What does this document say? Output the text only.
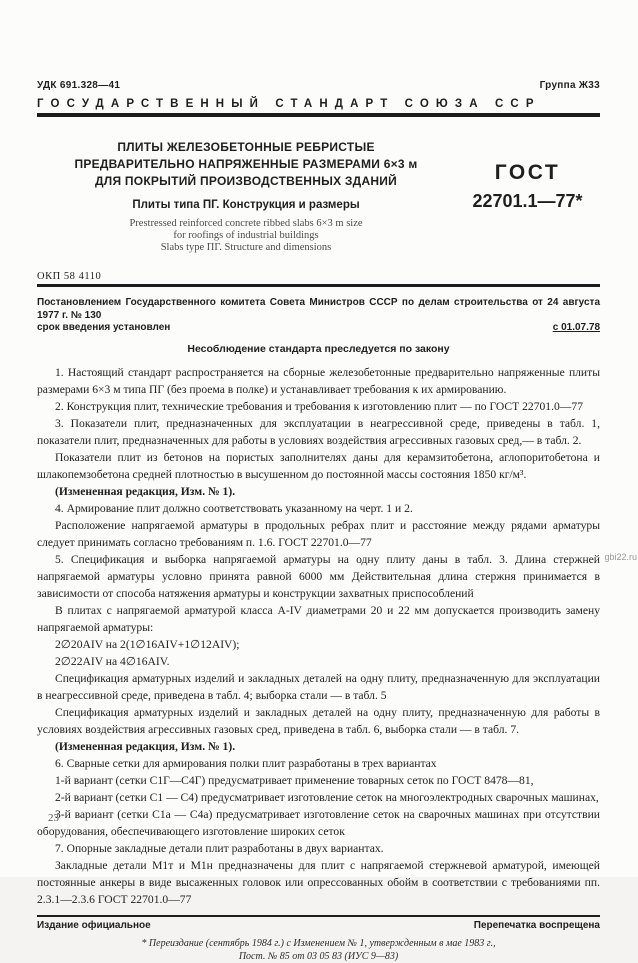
УДК 691.328—41	Группа Ж33
ГОСУДАРСТВЕННЫЙ СТАНДАРТ СОЮЗА ССР
ПЛИТЫ ЖЕЛЕЗОБЕТОННЫЕ РЕБРИСТЫЕ
ПРЕДВАРИТЕЛЬНО НАПРЯЖЕННЫЕ РАЗМЕРАМИ 6×3 м
ДЛЯ ПОКРЫТИЙ ПРОИЗВОДСТВЕННЫХ ЗДАНИЙ
Плиты типа ПГ. Конструкция и размеры
Prestressed reinforced concrete ribbed slabs 6×3 m size
for roofings of industrial buildings
Slabs type ПГ. Structure and dimensions
ГОСТ
22701.1—77*
ОКП 58 4110
Постановлением Государственного комитета Совета Министров СССР по делам строительства от 24 августа 1977 г. № 130
срок введения установлен	с 01.07.78
Несоблюдение стандарта преследуется по закону

1. Настоящий стандарт распространяется на сборные железобетонные предварительно напряженные плиты размерами 6×3 м типа ПГ (без проема в полке) и устанавливает требования к их армированию.

2. Конструкция плит, технические требования и требования к изготовлению плит — по ГОСТ 22701.0—77

3. Показатели плит, предназначенных для эксплуатации в неагрессивной среде, приведены в табл. 1, показатели плит, предназначенных для работы в условиях воздействия агрессивных газовых сред,— в табл. 2.

Показатели плит из бетонов на пористых заполнителях даны для керамзитобетона, аглопоритобетона и шлакопемзобетона средней плотностью в высушенном до постоянной массы состояния 1850 кг/м³.

(Измененная редакция, Изм. № 1).

4. Армирование плит должно соответствовать указанному на черт. 1 и 2.

Расположение напрягаемой арматуры в продольных ребрах плит и расстояние между рядами арматуры следует принимать согласно требованиям п. 1.6. ГОСТ 22701.0—77

5. Спецификация и выборка напрягаемой арматуры на одну плиту даны в табл. 3. Длина стержней напрягаемой арматуры условно принята равной 6000 мм Действительная длина стержня принимается в зависимости от способа натяжения арматуры и конструкции захватных приспособлений

В плитах с напрягаемой арматурой класса А-IV диаметрами 20 и 22 мм допускается производить замену напрягаемой арматуры:

2∅20АIV на 2(1∅16АIV+1∅12АIV);

2∅22АIV на 4∅16АIV.

Спецификация арматурных изделий и закладных деталей на одну плиту, предназначенную для эксплуатации в неагрессивной среде, приведена в табл. 4; выборка стали — в табл. 5

Спецификация арматурных изделий и закладных деталей на одну плиту, предназначенную для работы в условиях воздействия агрессивных газовых сред, приведена в табл. 6, выборка стали — в табл. 7.

(Измененная редакция, Изм. № 1).

6. Сварные сетки для армирования полки плит разработаны в трех вариантах

1-й вариант (сетки С1Г—С4Г) предусматривает применение товарных сеток по ГОСТ 8478—81,

2-й вариант (сетки С1 — С4) предусматривает изготовление сеток на многоэлектродных сварочных машинах,

3-й вариант (сетки С1а — С4а) предусматривает изготовление сеток на сварочных машинах при отсутствии оборудования, обеспечивающего изготовление широких сеток

7. Опорные закладные детали плит разработаны в двух вариантах.

Закладные детали М1т и М1н предназначены для плит с напрягаемой стержневой арматурой, имеющей постоянные анкеры в виде высаженных головок или опрессованных обойм в соответствии с требованиями пп. 2.3.1—2.3.6 ГОСТ 22701.0—77

Издание официальное	Перепечатка воспрещена
* Переиздание (сентябрь 1984 г.) с Изменением № 1, утвержденным в мае 1983 г.,
Пост. № 85 от 03 05 83 (ИУС 9—83)
23
gbi22.ru
